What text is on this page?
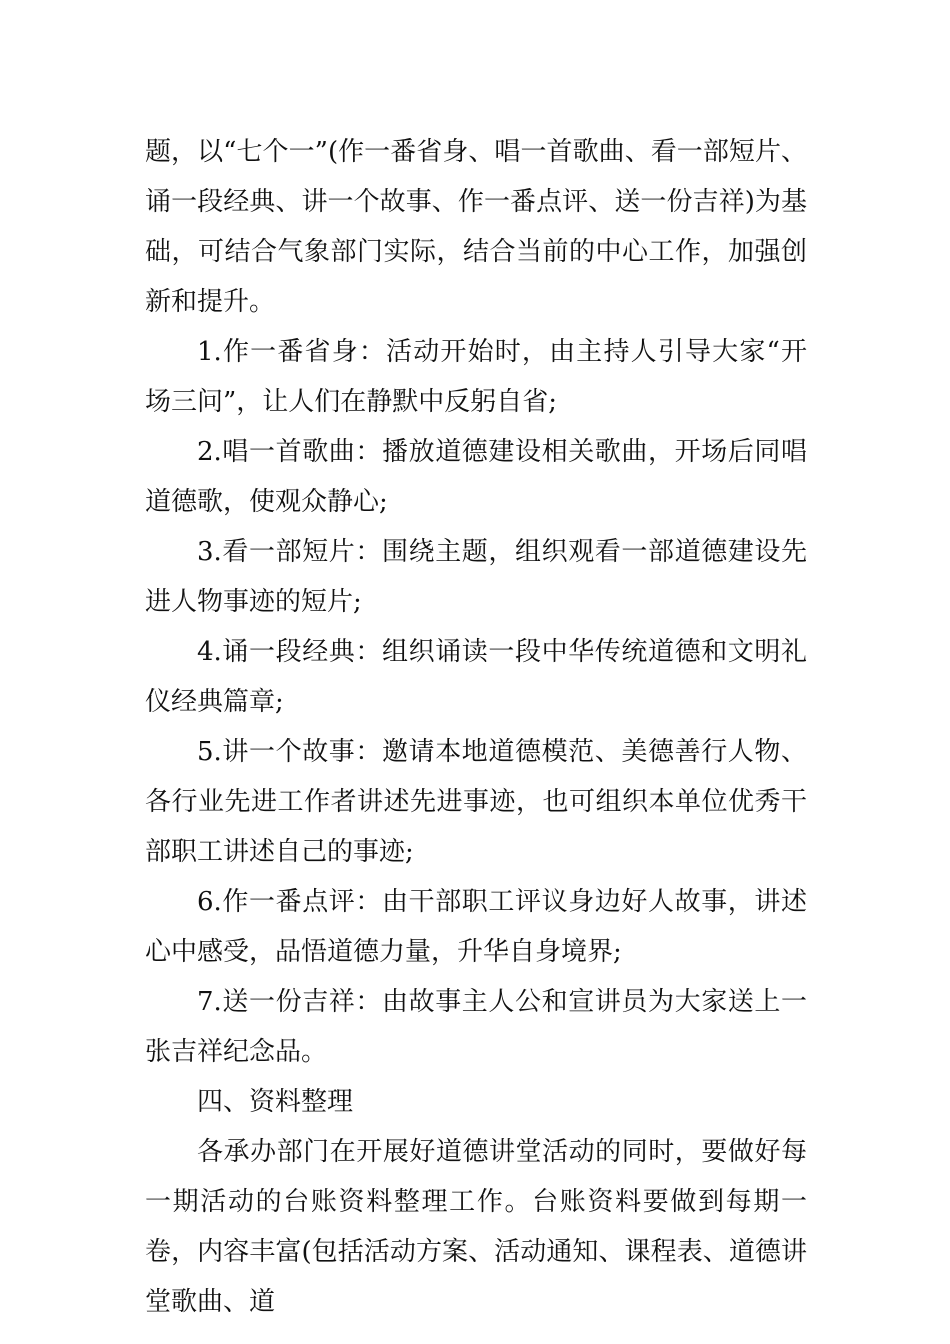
题，以“七个一”(作一番省身、唱一首歌曲、看一部短片、诵一段经典、讲一个故事、作一番点评、送一份吉祥)为基础，可结合气象部门实际，结合当前的中心工作，加强创新和提升。

1.作一番省身：活动开始时，由主持人引导大家“开场三问”，让人们在静默中反躬自省;

2.唱一首歌曲：播放道德建设相关歌曲，开场后同唱道德歌，使观众静心;

3.看一部短片：围绕主题，组织观看一部道德建设先进人物事迹的短片;

4.诵一段经典：组织诵读一段中华传统道德和文明礼仪经典篇章;

5.讲一个故事：邀请本地道德模范、美德善行人物、各行业先进工作者讲述先进事迹，也可组织本单位优秀干部职工讲述自己的事迹;

6.作一番点评：由干部职工评议身边好人故事，讲述心中感受，品悟道德力量，升华自身境界;

7.送一份吉祥：由故事主人公和宣讲员为大家送上一张吉祥纪念品。

四、资料整理

各承办部门在开展好道德讲堂活动的同时，要做好每一期活动的台账资料整理工作。台账资料要做到每期一卷，内容丰富(包括活动方案、活动通知、课程表、道德讲堂歌曲、道
